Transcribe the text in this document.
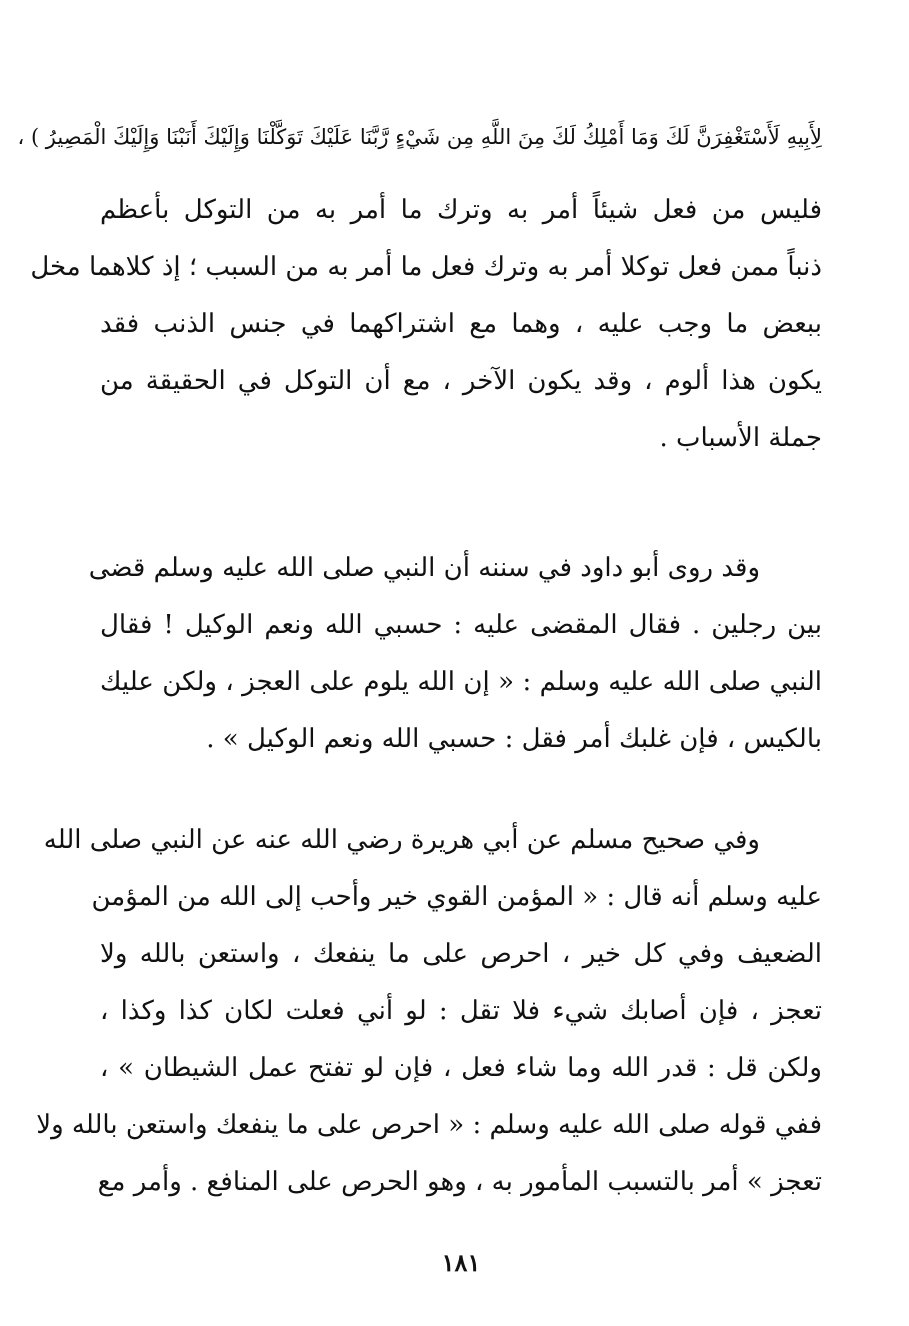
لِأَبِيهِ لَأَسْتَغْفِرَنَّ لَكَ وَمَا أَمْلِكُ لَكَ مِنَ اللَّهِ مِن شَيْءٍ رَّبَّنَا عَلَيْكَ تَوَكَّلْنَا وَإِلَيْكَ أَنَبْنَا وَإِلَيْكَ الْمَصِيرُ ) ،
فليس من فعل شيئاً أمر به وترك ما أمر به من التوكل بأعظم
ذنباً ممن فعل توكلا أمر به وترك فعل ما أمر به من السبب ؛ إذ كلاهما مخل
ببعض ما وجب عليه ، وهما مع اشتراكهما في جنس الذنب فقد
يكون هذا ألوم ، وقد يكون الآخر ، مع أن التوكل في الحقيقة من
جملة الأسباب .
وقد روى أبو داود في سننه أن النبي صلى الله عليه وسلم قضى
بين رجلين . فقال المقضى عليه : حسبي الله ونعم الوكيل ! فقال
النبي صلى الله عليه وسلم : « إن الله يلوم على العجز ، ولكن عليك
بالكيس ، فإن غلبك أمر فقل : حسبي الله ونعم الوكيل » .
وفي صحيح مسلم عن أبي هريرة رضي الله عنه عن النبي صلى الله
عليه وسلم أنه قال : « المؤمن القوي خير وأحب إلى الله من المؤمن
الضعيف وفي كل خير ، احرص على ما ينفعك ، واستعن بالله ولا
تعجز ، فإن أصابك شيء فلا تقل : لو أني فعلت لكان كذا وكذا ،
ولكن قل : قدر الله وما شاء فعل ، فإن لو تفتح عمل الشيطان » ،
ففي قوله صلى الله عليه وسلم : « احرص على ما ينفعك واستعن بالله ولا
تعجز » أمر بالتسبب المأمور به ، وهو الحرص على المنافع . وأمر مع
١٨١
